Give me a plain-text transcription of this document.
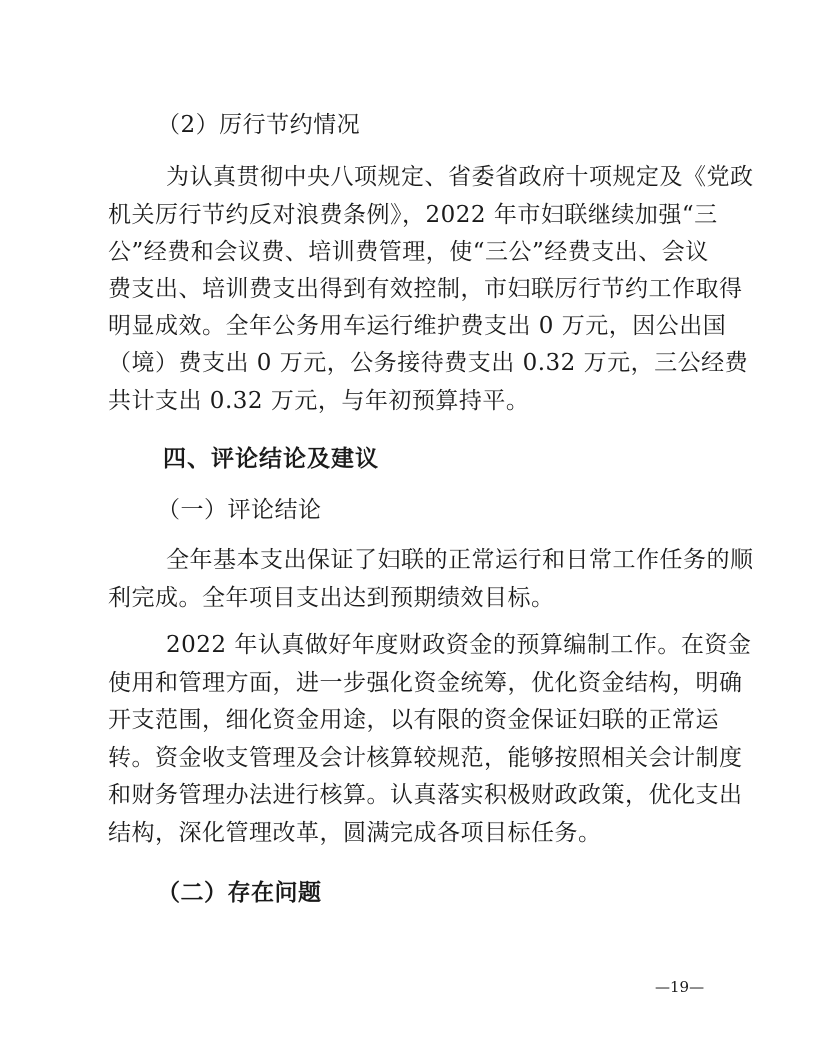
（2）厉行节约情况
为认真贯彻中央八项规定、省委省政府十项规定及《党政
机关厉行节约反对浪费条例》，2022 年市妇联继续加强“三
公”经费和会议费、培训费管理，使“三公”经费支出、会议
费支出、培训费支出得到有效控制，市妇联厉行节约工作取得
明显成效。全年公务用车运行维护费支出 0 万元，因公出国
（境）费支出 0 万元，公务接待费支出 0.32 万元，三公经费
共计支出 0.32 万元，与年初预算持平。
四、评论结论及建议
（一）评论结论
全年基本支出保证了妇联的正常运行和日常工作任务的顺
利完成。全年项目支出达到预期绩效目标。
2022 年认真做好年度财政资金的预算编制工作。在资金
使用和管理方面，进一步强化资金统筹，优化资金结构，明确
开支范围，细化资金用途，以有限的资金保证妇联的正常运
转。资金收支管理及会计核算较规范，能够按照相关会计制度
和财务管理办法进行核算。认真落实积极财政政策，优化支出
结构，深化管理改革，圆满完成各项目标任务。
（二）存在问题
—19—
